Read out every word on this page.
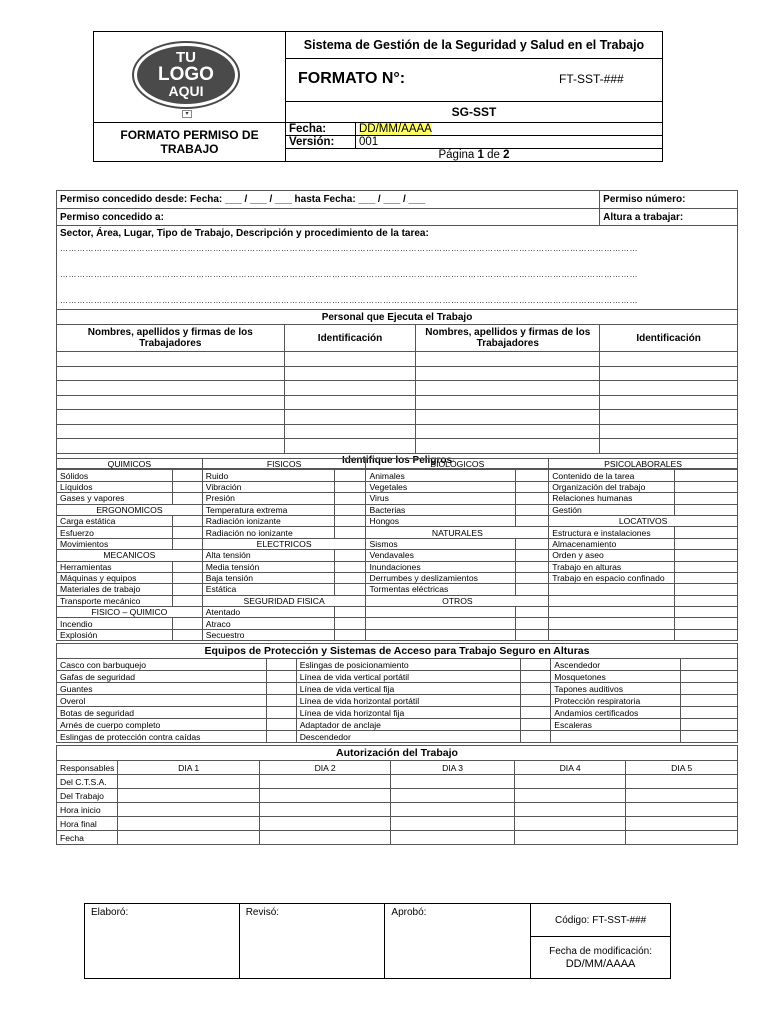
TU
LOGO
AQUI
▾	Sistema de Gestión de la Seguridad y Salud en el Trabajo	

	FORMATO N°: FT-SST-###	

	SG-SST	
FORMATO PERMISO DE TRABAJO	Fecha:	DD/MM/AAAA
	Versión:	001
	Página 1 de 2	
Permiso concedido desde: Fecha: ___ / ___ / ___ hasta Fecha: ___ / ___ / ___			Permiso número:
Permiso concedido a:			Altura a trabajar:

Sector, Área, Lugar, Tipo de Trabajo, Descripción y procedimiento de la tarea:
……………………………………………………………………………………………………………………………………………………………………………………
……………………………………………………………………………………………………………………………………………………………………………………
……………………………………………………………………………………………………………………………………………………………………………………			

Personal que Ejecuta el Trabajo			
Nombres, apellidos y firmas de los Trabajadores	Identificación	Nombres, apellidos y firmas de los Trabajadores	Identificación

Identifique los Peligros			
QUIMICOS		FISICOS		BIOLÓGICOS		PSICOLABORALES	
Sólidos		Ruido		Animales		Contenido de la tarea	
Líquidos		Vibración		Vegetales		Organización del trabajo	
Gases y vapores		Presión		Virus		Relaciones humanas	
ERGONOMICOS		Temperatura extrema		Bacterias		Gestión	
Carga estática		Radiación ionizante		Hongos		LOCATIVOS	
Esfuerzo		Radiación no ionizante		NATURALES		Estructura e instalaciones	
Movimientos		ELECTRICOS		Sismos		Almacenamiento	
MECANICOS		Alta tensión		Vendavales		Orden y aseo	
Herramientas		Media tensión		Inundaciones		Trabajo en alturas	
Máquinas y equipos		Baja tensión		Derrumbes y deslizamientos		Trabajo en espacio confinado	
Materiales de trabajo		Estática		Tormentas eléctricas			
Transporte mecánico		SEGURIDAD FISICA		OTROS			
FISICO – QUIMICO		Atentado					
Incendio		Atraco					
Explosión		Secuestro					
Equipos de Protección y Sistemas de Acceso para Trabajo Seguro en Alturas					
Casco con barbuquejo		Eslingas de posicionamiento		Ascendedor	
Gafas de seguridad		Línea de vida vertical portátil		Mosquetones	
Guantes		Línea de vida vertical fija		Tapones auditivos	
Overol		Línea de vida horizontal portátil		Protección respiratoria	
Botas de seguridad		Línea de vida horizontal fija		Andamios certificados	
Arnés de cuerpo completo		Adaptador de anclaje		Escaleras	
Eslingas de protección contra caídas		Descendedor			
Autorización del Trabajo					
Responsables	DIA 1	DIA 2	DIA 3	DIA 4	DIA 5
Del C.T.S.A.					
Del Trabajo					
Hora inicio					
Hora final					
Fecha					
Elaboró:	Revisó:	Aprobó:	Código: FT-SST-###

Fecha de modificación:
DD/MM/AAAA
